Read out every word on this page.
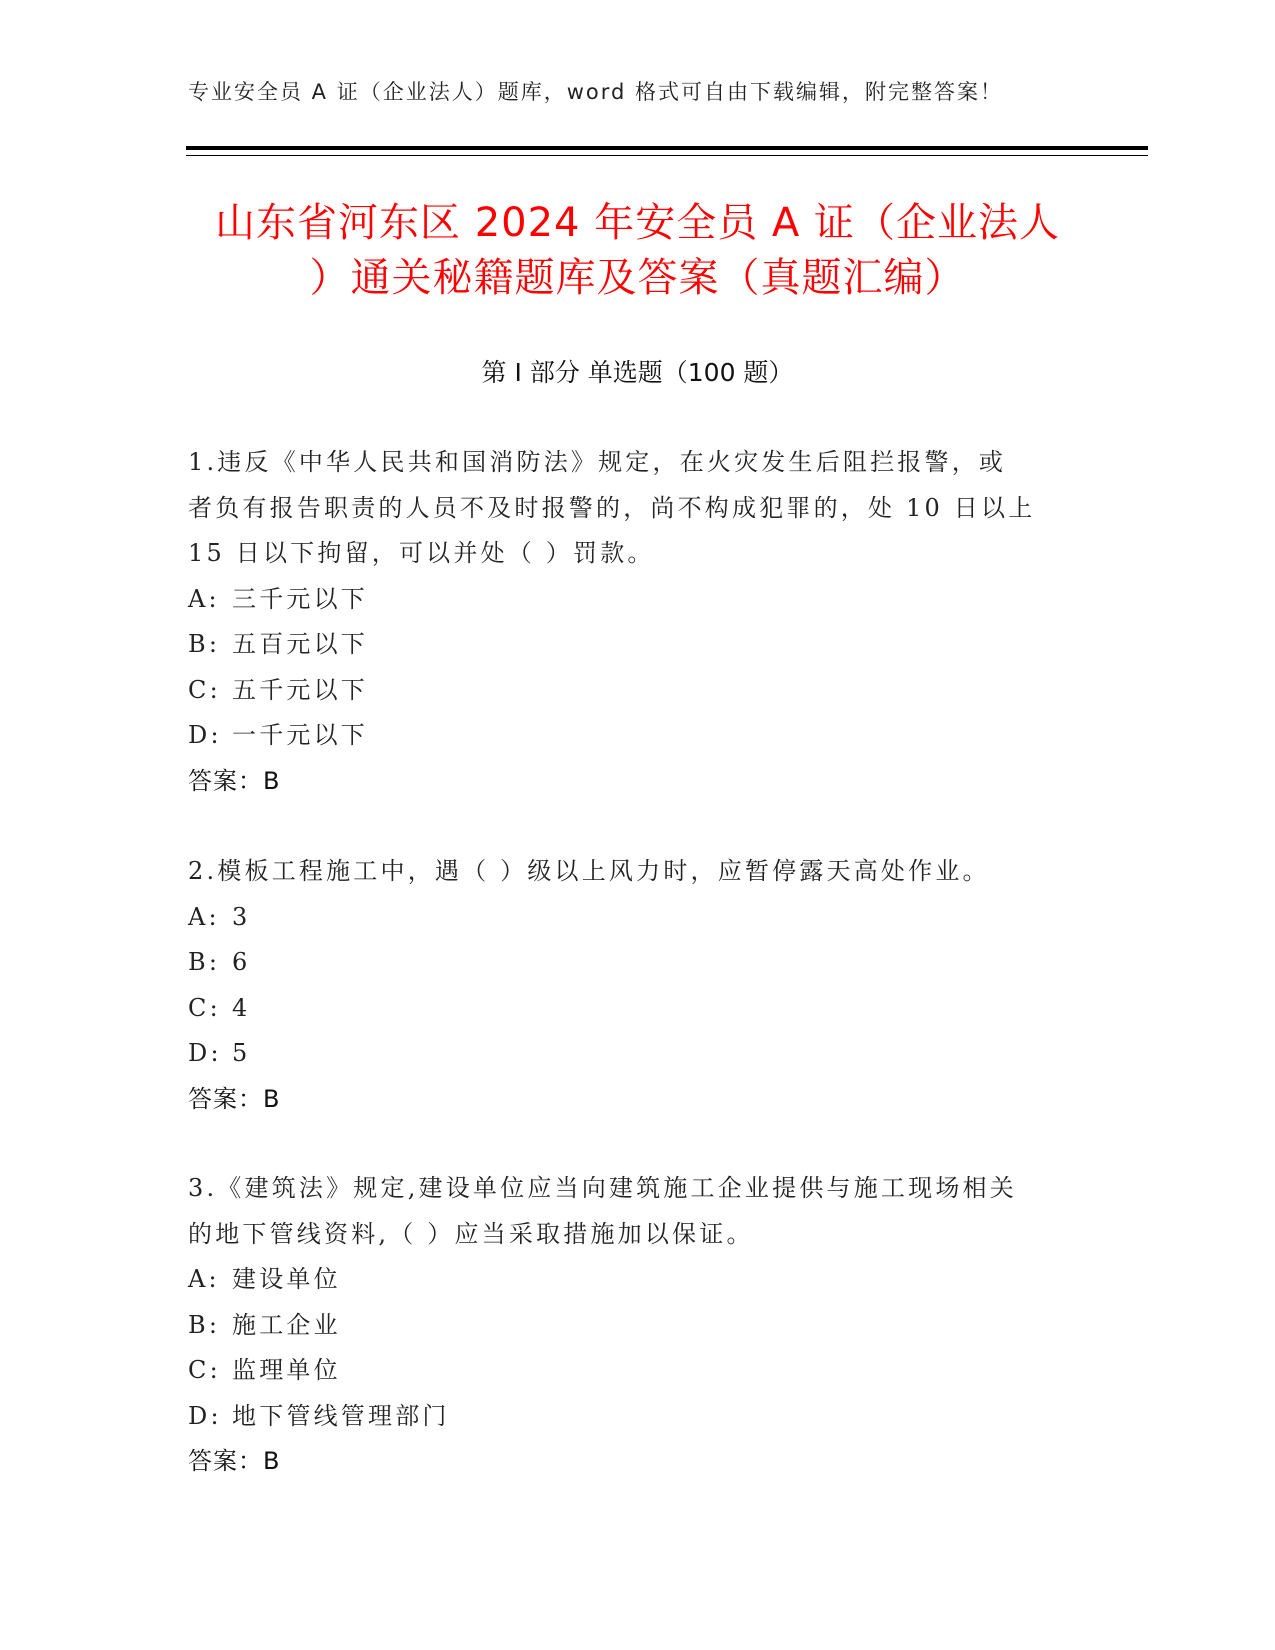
专业安全员 A 证（企业法人）题库，word 格式可自由下载编辑，附完整答案！
山东省河东区 2024 年安全员 A 证（企业法人
）通关秘籍题库及答案（真题汇编）
第 I 部分 单选题（100 题）
1.违反《中华人民共和国消防法》规定，在火灾发生后阻拦报警，或
者负有报告职责的人员不及时报警的，尚不构成犯罪的，处 10 日以上
15 日以下拘留，可以并处（ ）罚款。
A: 三千元以下
B: 五百元以下
C: 五千元以下
D: 一千元以下
答案：B
2.模板工程施工中，遇（ ）级以上风力时，应暂停露天高处作业。
A: 3
B: 6
C: 4
D: 5
答案：B
3.《建筑法》规定,建设单位应当向建筑施工企业提供与施工现场相关
的地下管线资料,（ ）应当采取措施加以保证。
A: 建设单位
B: 施工企业
C: 监理单位
D: 地下管线管理部门
答案：B
